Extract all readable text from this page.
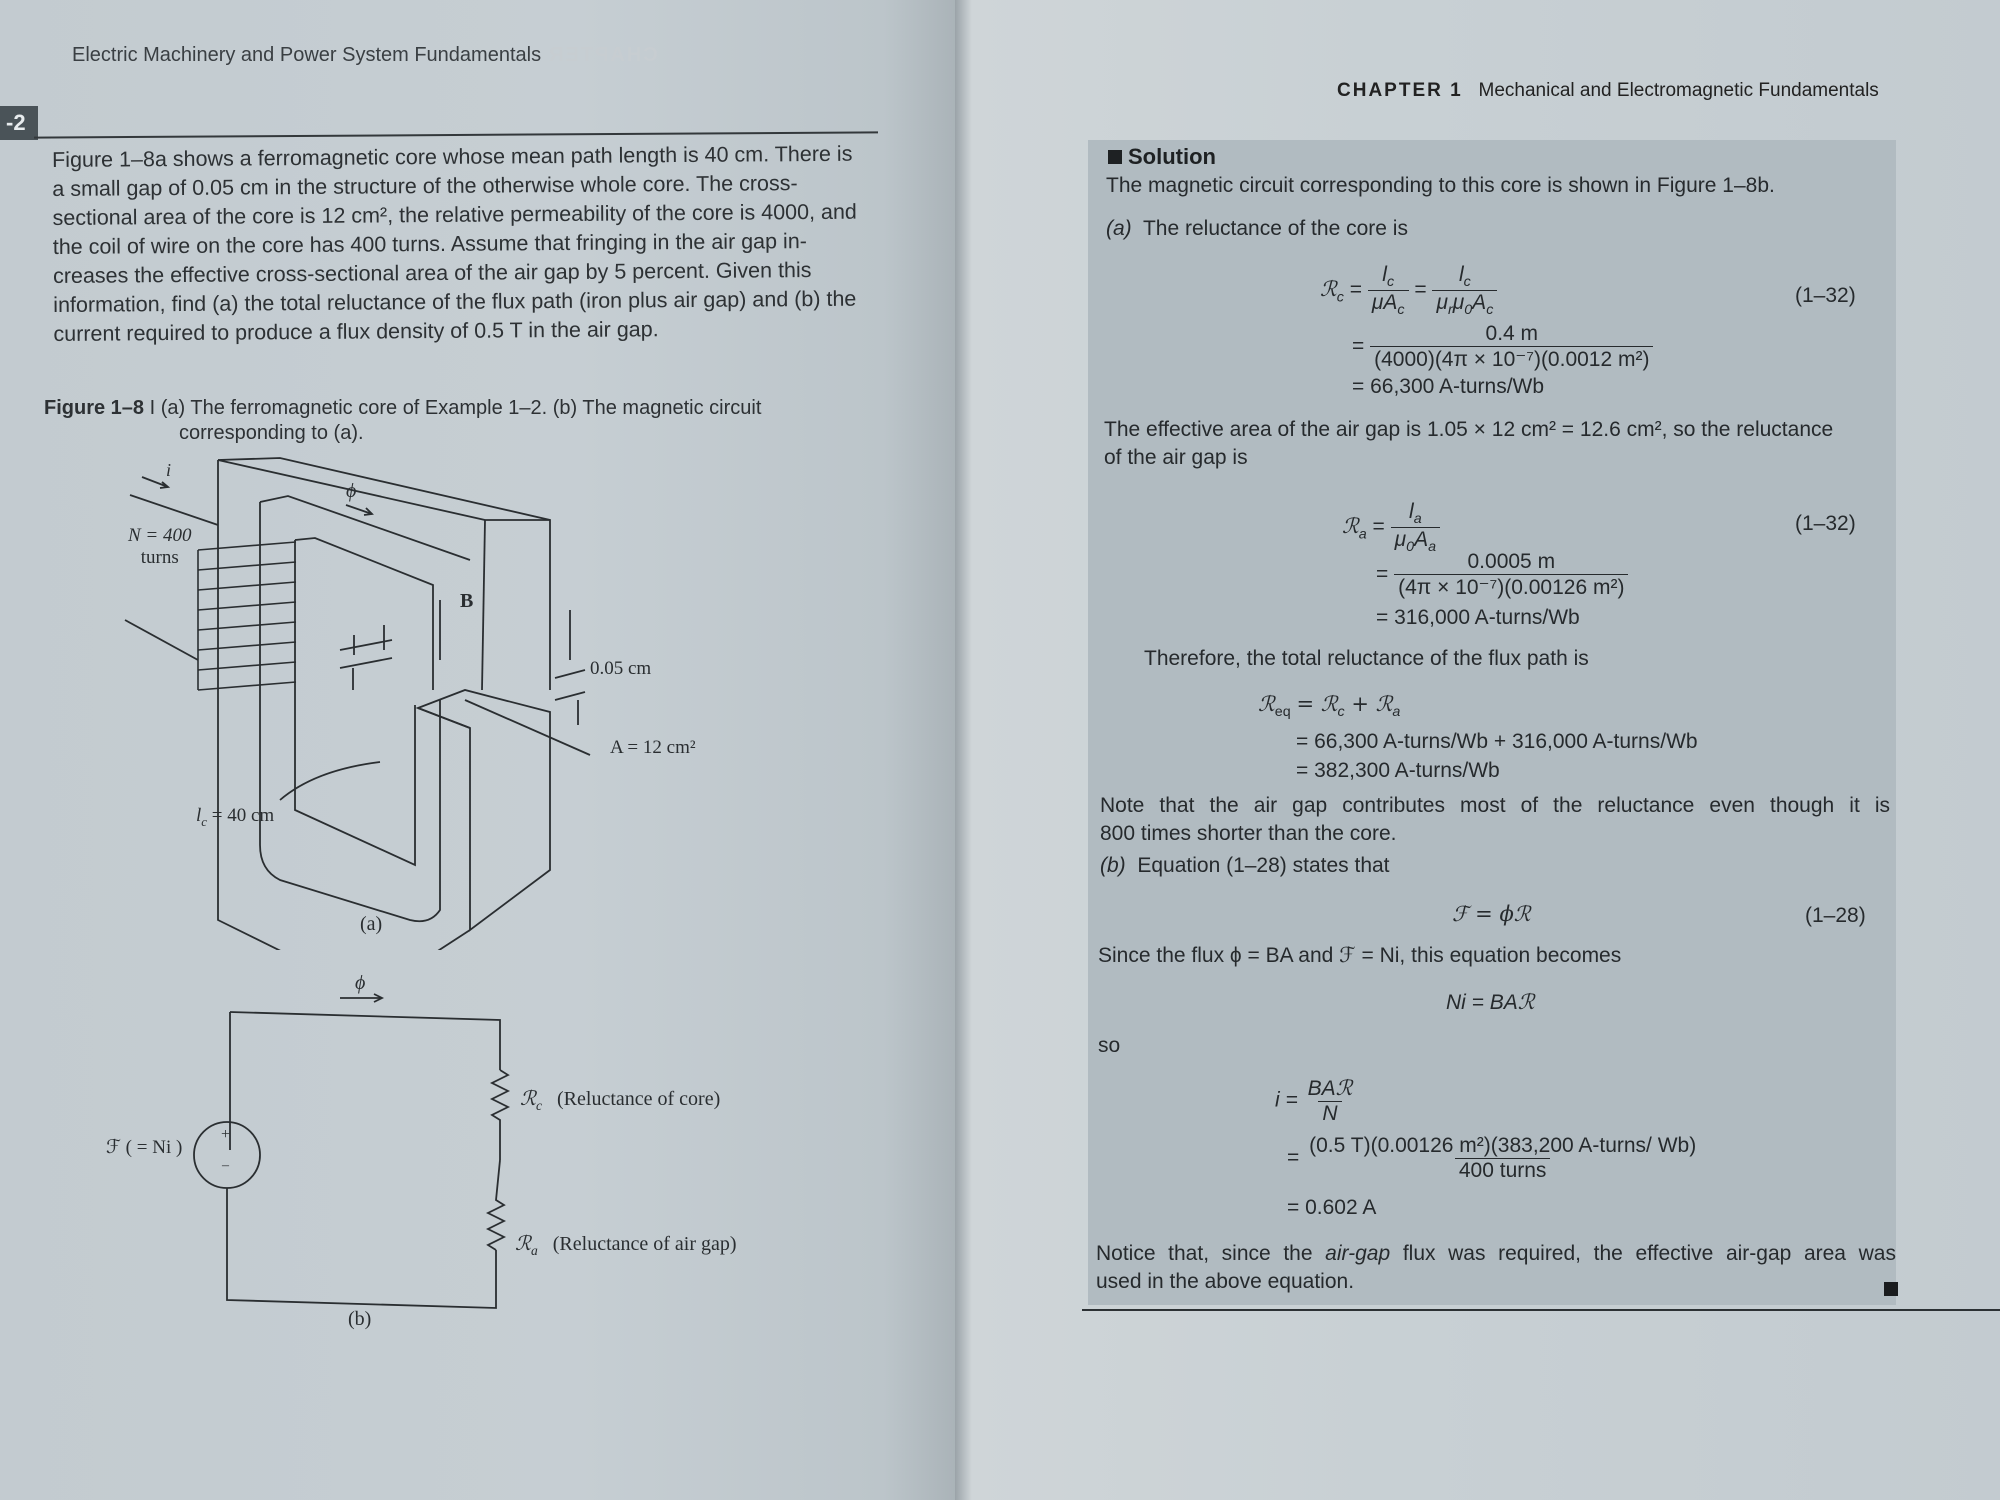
Electric Machinery and Power System Fundamentals CHAPTER
-2
Figure 1–8a shows a ferromagnetic core whose mean path length is 40 cm. There is
a small gap of 0.05 cm in the structure of the otherwise whole core. The cross-
sectional area of the core is 12 cm², the relative permeability of the core is 4000, and
the coil of wire on the core has 400 turns. Assume that fringing in the air gap in-
creases the effective cross-sectional area of the air gap by 5 percent. Given this
information, find (a) the total reluctance of the flux path (iron plus air gap) and (b) the
current required to produce a flux density of 0.5 T in the air gap.
Figure 1–8 I (a) The ferromagnetic core of Example 1–2. (b) The magnetic circuit
corresponding to (a).
i
ϕ
N = 400
turns
B
0.05 cm
A = 12 cm²
$l_c = 40$ cm
(a)
ϕ
ℱ ( = Ni )
+
–
ℛ$_c$ (Reluctance of core)
ℛ$_a$ (Reluctance of air gap)
(b)
CHAPTER 1 Mechanical and Electromagnetic Fundamentals
Solution
The magnetic circuit corresponding to this core is shown in Figure 1–8b.
(a) The reluctance of the core is
ℛ$_c$ = $\frac{l_c}{\mu A_c} = \frac{l_c}{\mu_r\mu_0A_c}$	(1–32)
= $\frac{0.4 m}{\text{(4000)(4π × 10⁻⁷)(0.0012 m²)}}$
= 66,300 A-turns/Wb
The effective area of the air gap is 1.05 × 12 cm² = 12.6 cm², so the reluctance
of the air gap is
ℛ$_a$ = $\frac{l_a}{\mu_0A_a}$	(1–32)
= $\frac{0.0005 m}{\text{(4π × 10⁻⁷)(0.00126 m²)}}$
= 316,000 A-turns/Wb
Therefore, the total reluctance of the flux path is
ℛ$_{eq}$ = ℛ$_c$ + ℛ$_a$
= 66,300 A-turns/Wb + 316,000 A-turns/Wb
= 382,300 A-turns/Wb
Note that the air gap contributes most of the reluctance even though it is
800 times shorter than the core.
(b) Equation (1–28) states that
ℱ = ϕℛ	(1–28)
Since the flux ϕ = BA and ℱ = Ni, this equation becomes
Ni = BAℛ
so
$i = \frac{\text{BAℛ}}{N}$
= $\frac{\text{(0.5 T)(0.00126 m²)(383,200 A-turns/ Wb)}}{\text{400 turns}}$
= 0.602 A
Notice that, since the air-gap flux was required, the effective air-gap area was
used in the above equation.
